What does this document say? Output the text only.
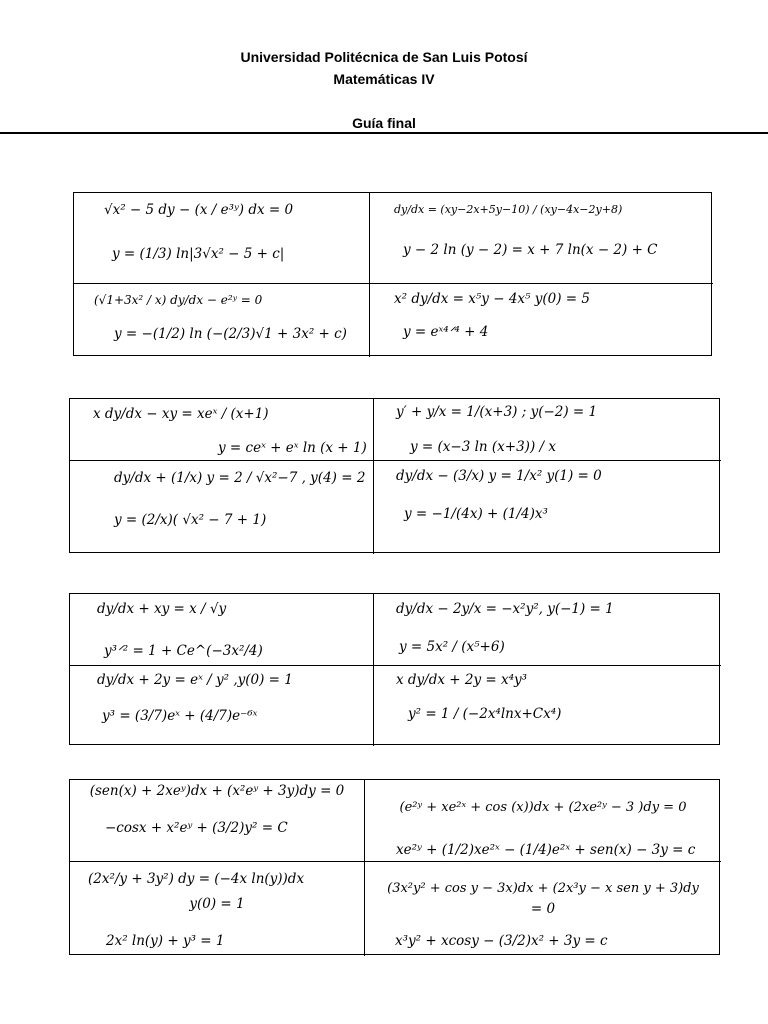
Universidad Politécnica de San Luis Potosí
Matemáticas IV
Guía final
√x² − 5 dy − (x / e³ʸ) dx = 0
y = (1/3) ln|3√x² − 5 + c|
dy/dx = (xy−2x+5y−10) / (xy−4x−2y+8)
y − 2 ln (y − 2) = x + 7 ln(x − 2) + C
(√1+3x² / x) dy/dx − e²ʸ = 0
y = −(1/2) ln (−(2/3)√1 + 3x² + c)
x² dy/dx = x⁵y − 4x⁵ y(0) = 5
y = eˣ⁴ᐟ⁴ + 4
x dy/dx − xy = xeˣ / (x+1)
y = ceˣ + eˣ ln (x + 1)
y′ + y/x = 1/(x+3) ; y(−2) = 1
y = (x−3 ln (x+3)) / x
dy/dx + (1/x) y = 2 / √x²−7 , y(4) = 2
y = (2/x)( √x² − 7 + 1)
dy/dx − (3/x) y = 1/x² y(1) = 0
y = −1/(4x) + (1/4)x³
dy/dx + xy = x / √y
y³ᐟ² = 1 + Ce^(−3x²/4)
dy/dx − 2y/x = −x²y², y(−1) = 1
y = 5x² / (x⁵+6)
dy/dx + 2y = eˣ / y² ,y(0) = 1
y³ = (3/7)eˣ + (4/7)e⁻⁶ˣ
x dy/dx + 2y = x⁴y³
y² = 1 / (−2x⁴lnx+Cx⁴)
(sen(x) + 2xeʸ)dx + (x²eʸ + 3y)dy = 0
−cosx + x²eʸ + (3/2)y² = C
(e²ʸ + xe²ˣ + cos (x))dx + (2xe²ʸ − 3 )dy = 0
xe²ʸ + (1/2)xe²ˣ − (1/4)e²ˣ + sen(x) − 3y = c
(2x²/y + 3y²) dy = (−4x ln(y))dx
y(0) = 1
2x² ln(y) + y³ = 1
(3x²y² + cos y − 3x)dx + (2x³y − x sen y + 3)dy
= 0
x³y² + xcosy − (3/2)x² + 3y = c
